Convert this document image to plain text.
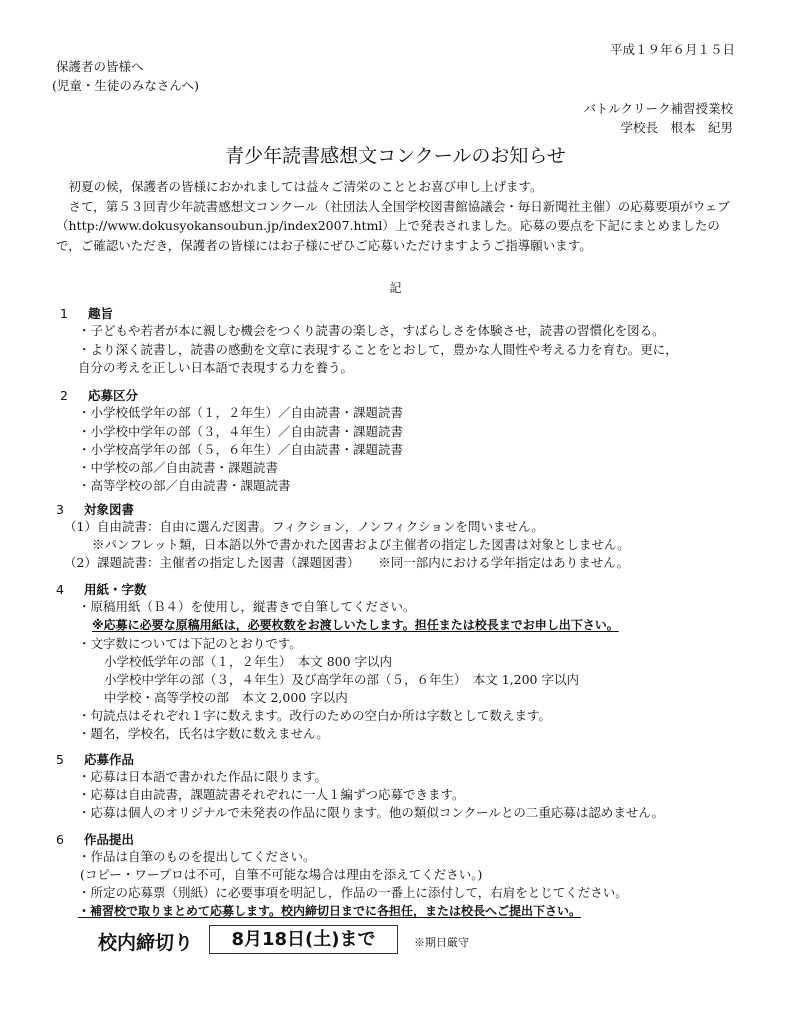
平成１９年６月１５日
保護者の皆様へ
(児童・生徒のみなさんへ)
バトルクリーク補習授業校
学校長　根本　紀男
青少年読書感想文コンクールのお知らせ

初夏の候，保護者の皆様におかれましては益々ご清栄のこととお喜び申し上げます。

さて，第５３回青少年読書感想文コンクール（社団法人全国学校図書館協議会・毎日新聞社主催）の応募要項がウェブ（http://www.dokusyokansoubun.jp/index2007.html）上で発表されました。応募の要点を下記にまとめましたので，ご確認いただき，保護者の皆様にはお子様にぜひご応募いただけますようご指導願います。

記
1 趣旨
・子どもや若者が本に親しむ機会をつくり読書の楽しさ，すばらしさを体験させ，読書の習慣化を図る。
・より深く読書し，読書の感動を文章に表現することをとおして，豊かな人間性や考える力を育む。更に，
自分の考えを正しい日本語で表現する力を養う。
2 応募区分
・小学校低学年の部（１，２年生）／自由読書・課題読書
・小学校中学年の部（３，４年生）／自由読書・課題読書
・小学校高学年の部（５，６年生）／自由読書・課題読書
・中学校の部／自由読書・課題読書
・高等学校の部／自由読書・課題読書
3 対象図書
（1）自由読書：自由に選んだ図書。フィクション，ノンフィクションを問いません。
※パンフレット類，日本語以外で書かれた図書および主催者の指定した図書は対象としません。
（2）課題読書：主催者の指定した図書（課題図書）　　※同一部内における学年指定はありません。
4 用紙・字数
・原稿用紙（Ｂ４）を使用し，縦書きで自筆してください。
※応募に必要な原稿用紙は，必要枚数をお渡しいたします。担任または校長までお申し出下さい。
・文字数については下記のとおりです。
小学校低学年の部（１，２年生）　本文 800 字以内
小学校中学年の部（３，４年生）及び高学年の部（５，６年生）　本文 1,200 字以内
中学校・高等学校の部　本文 2,000 字以内
・句読点はそれぞれ１字に数えます。改行のための空白か所は字数として数えます。
・題名，学校名，氏名は字数に数えません。
5 応募作品
・応募は日本語で書かれた作品に限ります。
・応募は自由読書，課題読書それぞれに一人１編ずつ応募できます。
・応募は個人のオリジナルで未発表の作品に限ります。他の類似コンクールとの二重応募は認めません。
6 作品提出
・作品は自筆のものを提出してください。
(コピー・ワープロは不可，自筆不可能な場合は理由を添えてください。)
・所定の応募票（別紙）に必要事項を明記し，作品の一番上に添付して，右肩をとじてください。
・補習校で取りまとめて応募します。校内締切日までに各担任，または校長へご提出下さい。
校内締切り	8月18日(土)まで	※期日厳守
